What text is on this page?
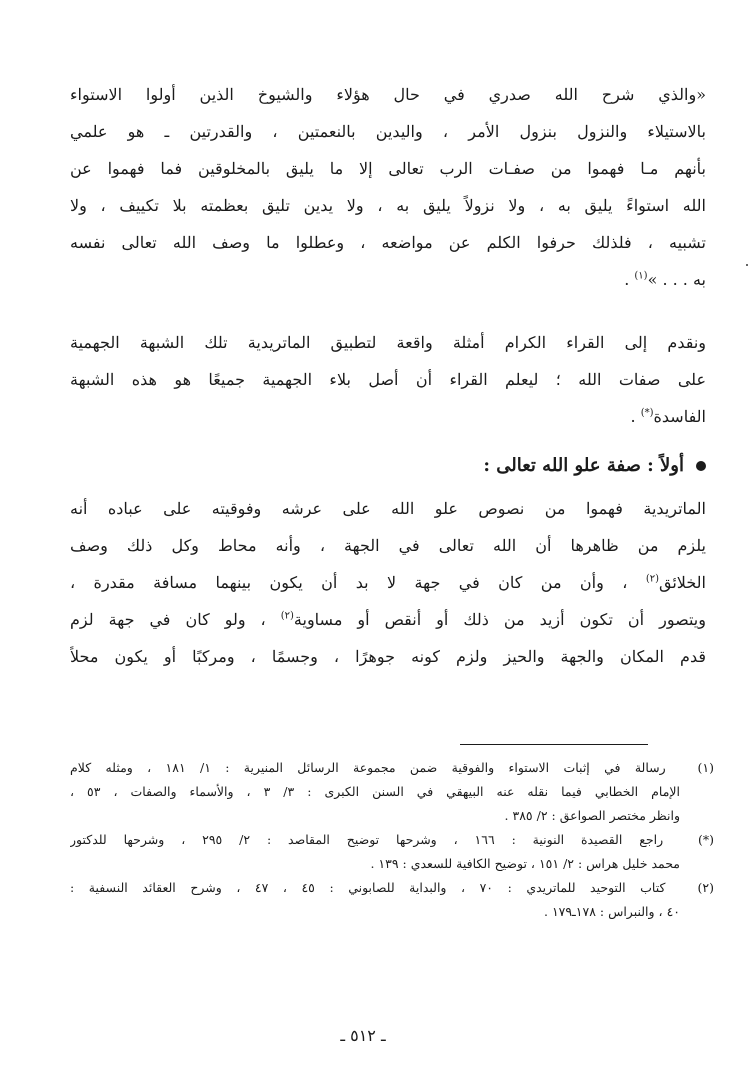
«والذي شرح الله صدري في حال هؤلاء والشيوخ الذين أولوا الاستواء
بالاستيلاء والنزول بنزول الأمر ، واليدين بالنعمتين ، والقدرتين ـ هو علمي
بأنهم مـا فهموا من صفـات الرب تعالى إلا ما يليق بالمخلوقين فما فهموا عن
الله استواءً يليق به ، ولا نزولاً يليق به ، ولا يدين تليق بعظمته بلا تكييف ، ولا
تشبيه ، فلذلك حرفوا الكلم عن مواضعه ، وعطلوا ما وصف الله تعالى نفسه
به . . . »$^{(١)}$ .
ونقدم إلى القراء الكرام أمثلة واقعة لتطبيق الماتريدية تلك الشبهة الجهمية
على صفات الله ؛ ليعلم القراء أن أصل بلاء الجهمية جميعًا هو هذه الشبهة
الفاسدة(*) .
أولاً : صفة علو الله تعالى :
الماتريدية فهموا من نصوص علو الله على عرشه وفوقيته على عباده أنه
يلزم من ظاهرها أن الله تعالى في الجهة ، وأنه محاط وكل ذلك وصف
الخلائق$^{(٢)}$ ، وأن من كان في جهة لا بد أن يكون بينهما مسافة مقدرة ،
ويتصور أن تكون أزيد من ذلك أو أنقص أو مساوية$^{(٢)}$ ، ولو كان في جهة لزم
قدم المكان والجهة والحيز ولزم كونه جوهرًا ، وجسمًا ، ومركبًا أو يكون محلاً
(١) رسالة في إثبات الاستواء والفوقية ضمن مجموعة الرسائل المنيرية : ١/ ١٨١ ، ومثله كلام
الإمام الخطابي فيما نقله عنه البيهقي في السنن الكبرى : ٣/ ٣ ، والأسماء والصفات ، ٥٣ ،
وانظر مختصر الصواعق : ٢/ ٣٨٥ .
(*) راجع القصيدة النونية : ١٦٦ ، وشرحها توضيح المقاصد : ٢/ ٢٩٥ ، وشرحها للدكتور
محمد خليل هراس : ٢/ ١٥١ ، توضيح الكافية للسعدي : ١٣٩ .
(٢) كتاب التوحيد للماتريدي : ٧٠ ، والبداية للصابوني : ٤٥ ، ٤٧ ، وشرح العقائد النسفية :
٤٠ ، والنبراس : ١٧٨ـ١٧٩ .
ـ ٥١٢ ـ
